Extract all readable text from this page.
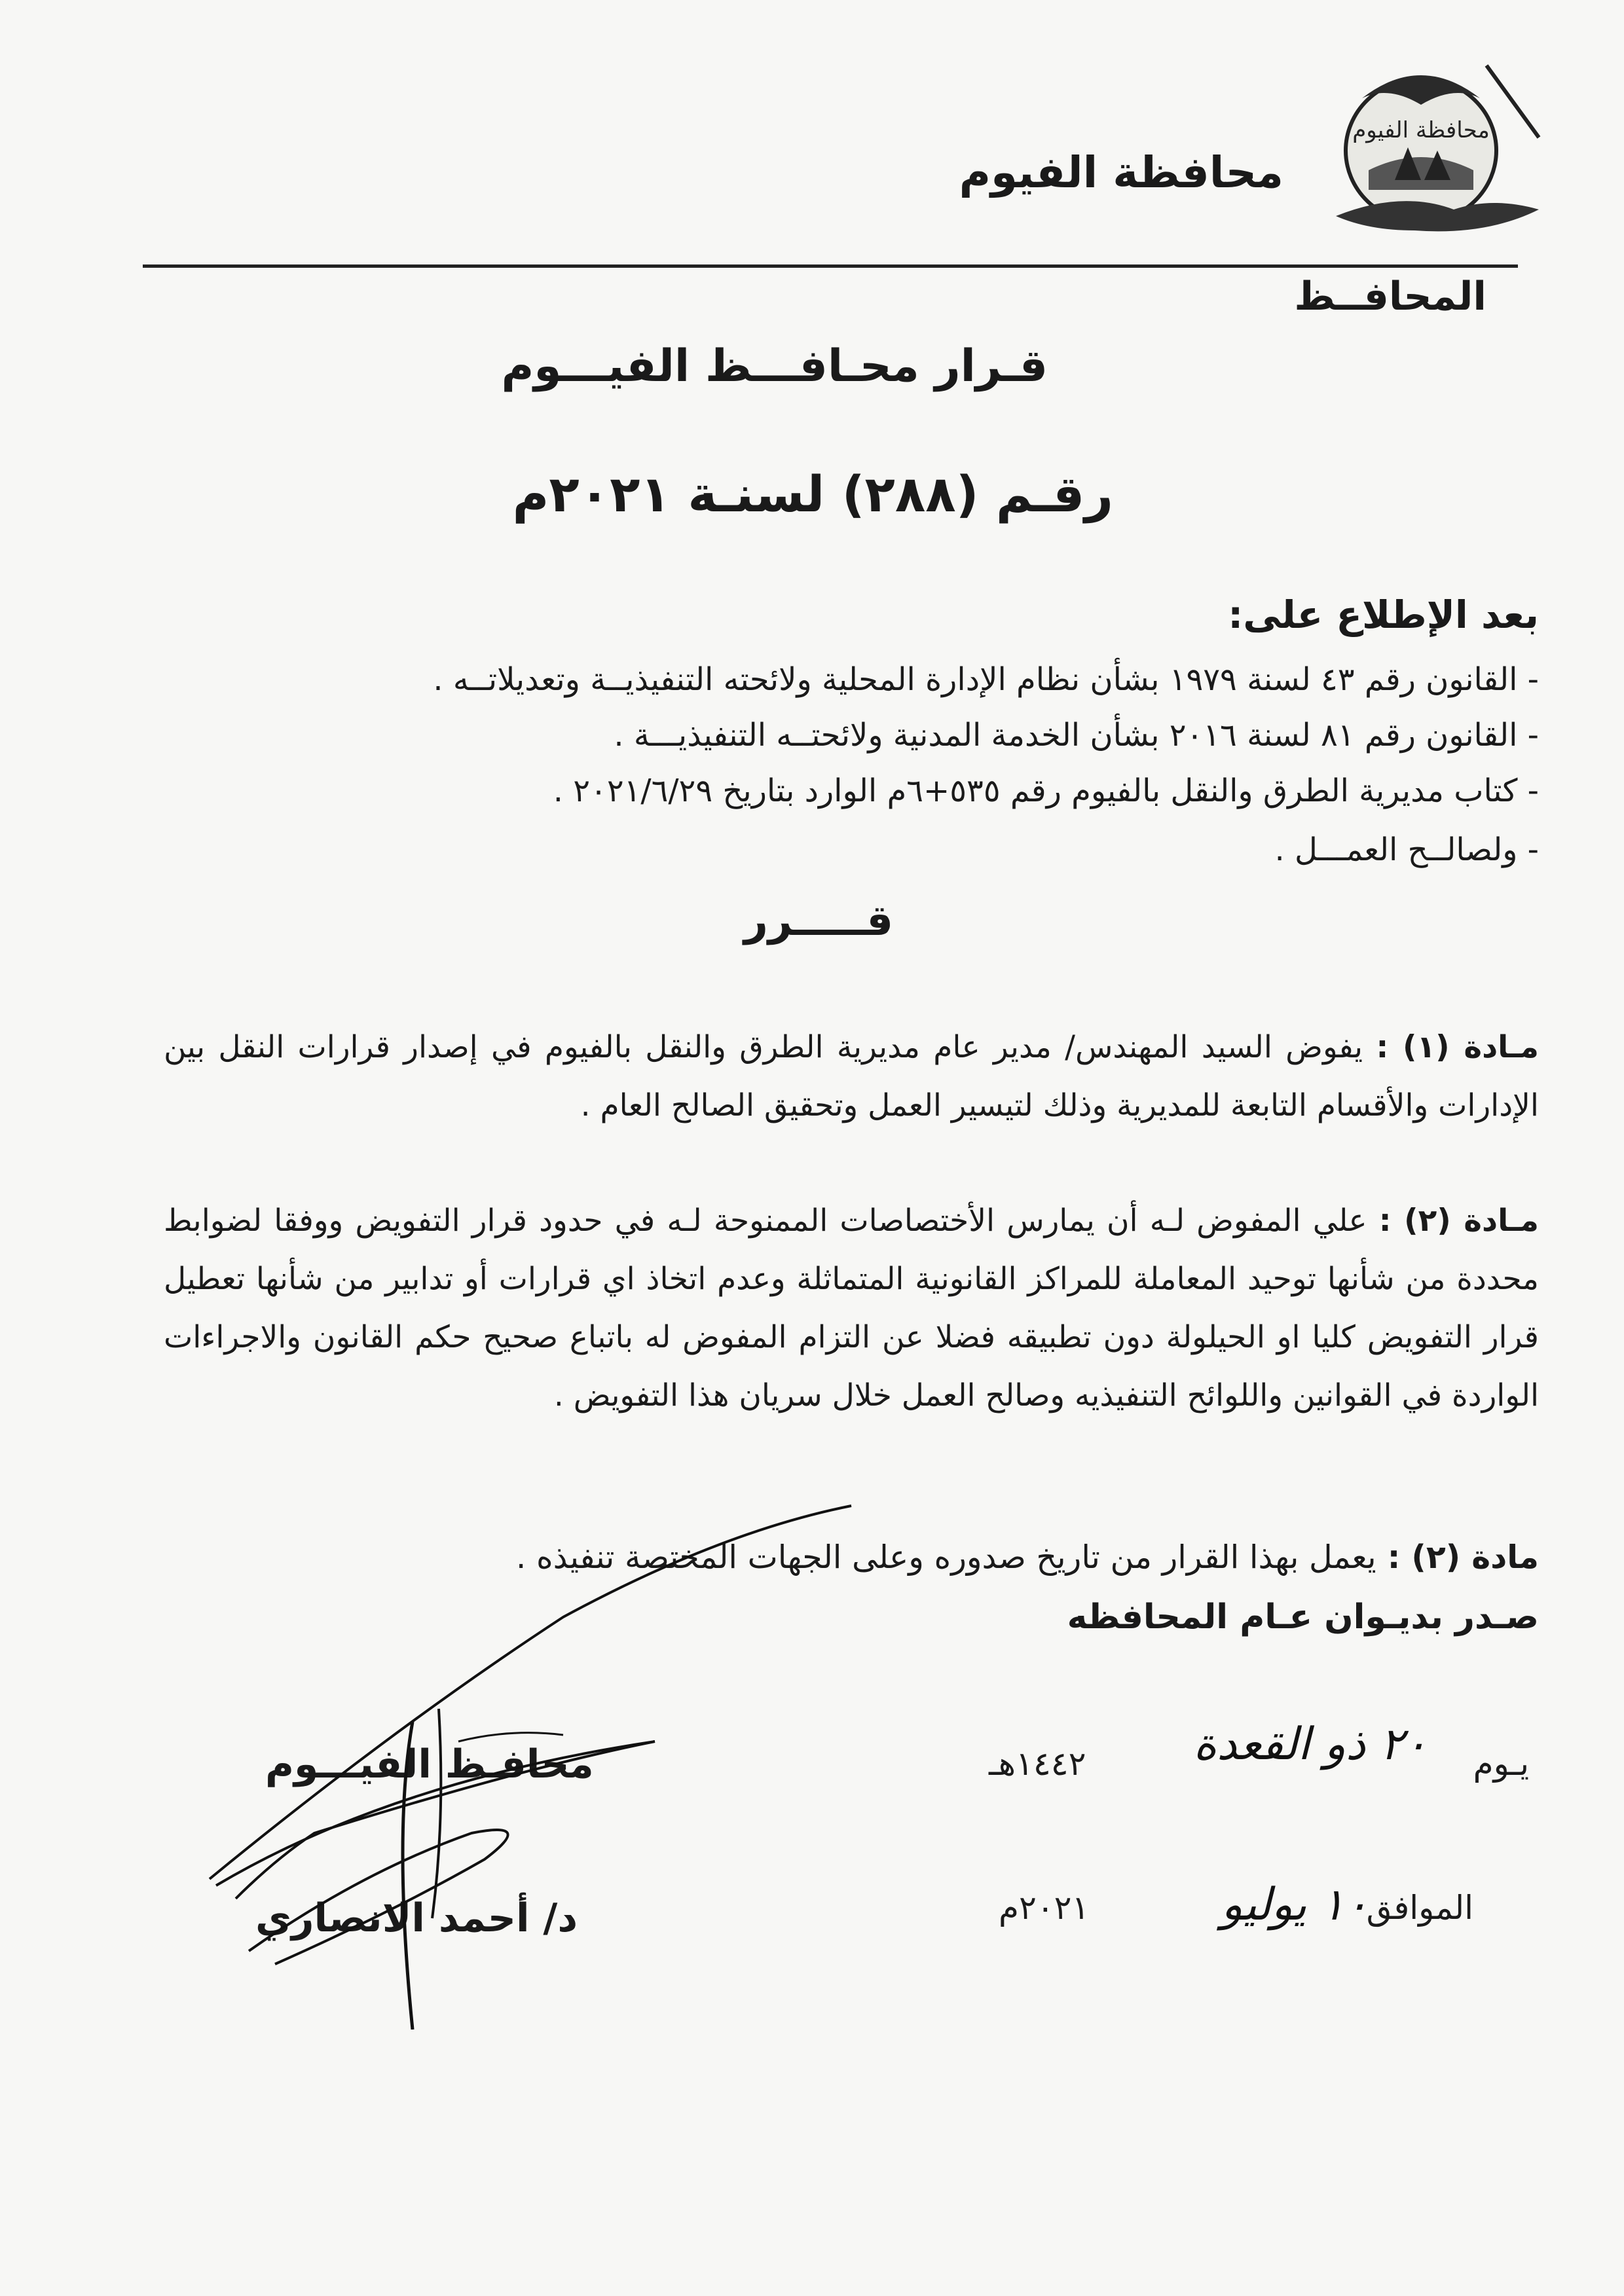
محافظة الفيوم
محافظة الفيوم
المحافــظ
قـرار محـافـــظ الفيـــوم
رقـم (٢٨٨) لسنـة ٢٠٢١م
بعد الإطلاع على:
- القانون رقم ٤٣ لسنة ١٩٧٩ بشأن نظام الإدارة المحلية ولائحته التنفيذيــة وتعديلاتــه .
- القانون رقم ٨١ لسنة ٢٠١٦ بشأن الخدمة المدنية ولائحتــه التنفيذيـــة .
- كتاب مديرية الطرق والنقل بالفيوم رقم ٥٣٥+٦م الوارد بتاريخ ٢٠٢١/٦/٢٩ .
- ولصالــح العمـــل .
قـــــرر
مـادة (١) : يفوض السيد المهندس/ مدير عام مديرية الطرق والنقل بالفيوم في إصدار قرارات النقل بين الإدارات والأقسام التابعة للمديرية وذلك لتيسير العمل وتحقيق الصالح العام .
مـادة (٢) : علي المفوض لـه أن يمارس الأختصاصات الممنوحة لـه في حدود قرار التفويض ووفقا لضوابط محددة من شأنها توحيد المعاملة للمراكز القانونية المتماثلة وعدم اتخاذ اي قرارات أو تدابير من شأنها تعطيل قرار التفويض كليا او الحيلولة دون تطبيقه فضلا عن التزام المفوض له باتباع صحيح حكم القانون والاجراءات الواردة في القوانين واللوائح التنفيذيه وصالح العمل خلال سريان هذا التفويض .
مادة (٢) : يعمل بهذا القرار من تاريخ صدوره وعلى الجهات المختصة تنفيذه .
صـدر بديـوان عـام المحافظه
يـوم
٢٠ ذو القعدة
١٤٤٢هـ
الموافق
١٠ يوليو
٢٠٢١م
محافـظ الفيـــوم
د/ أحمد الانصاري
